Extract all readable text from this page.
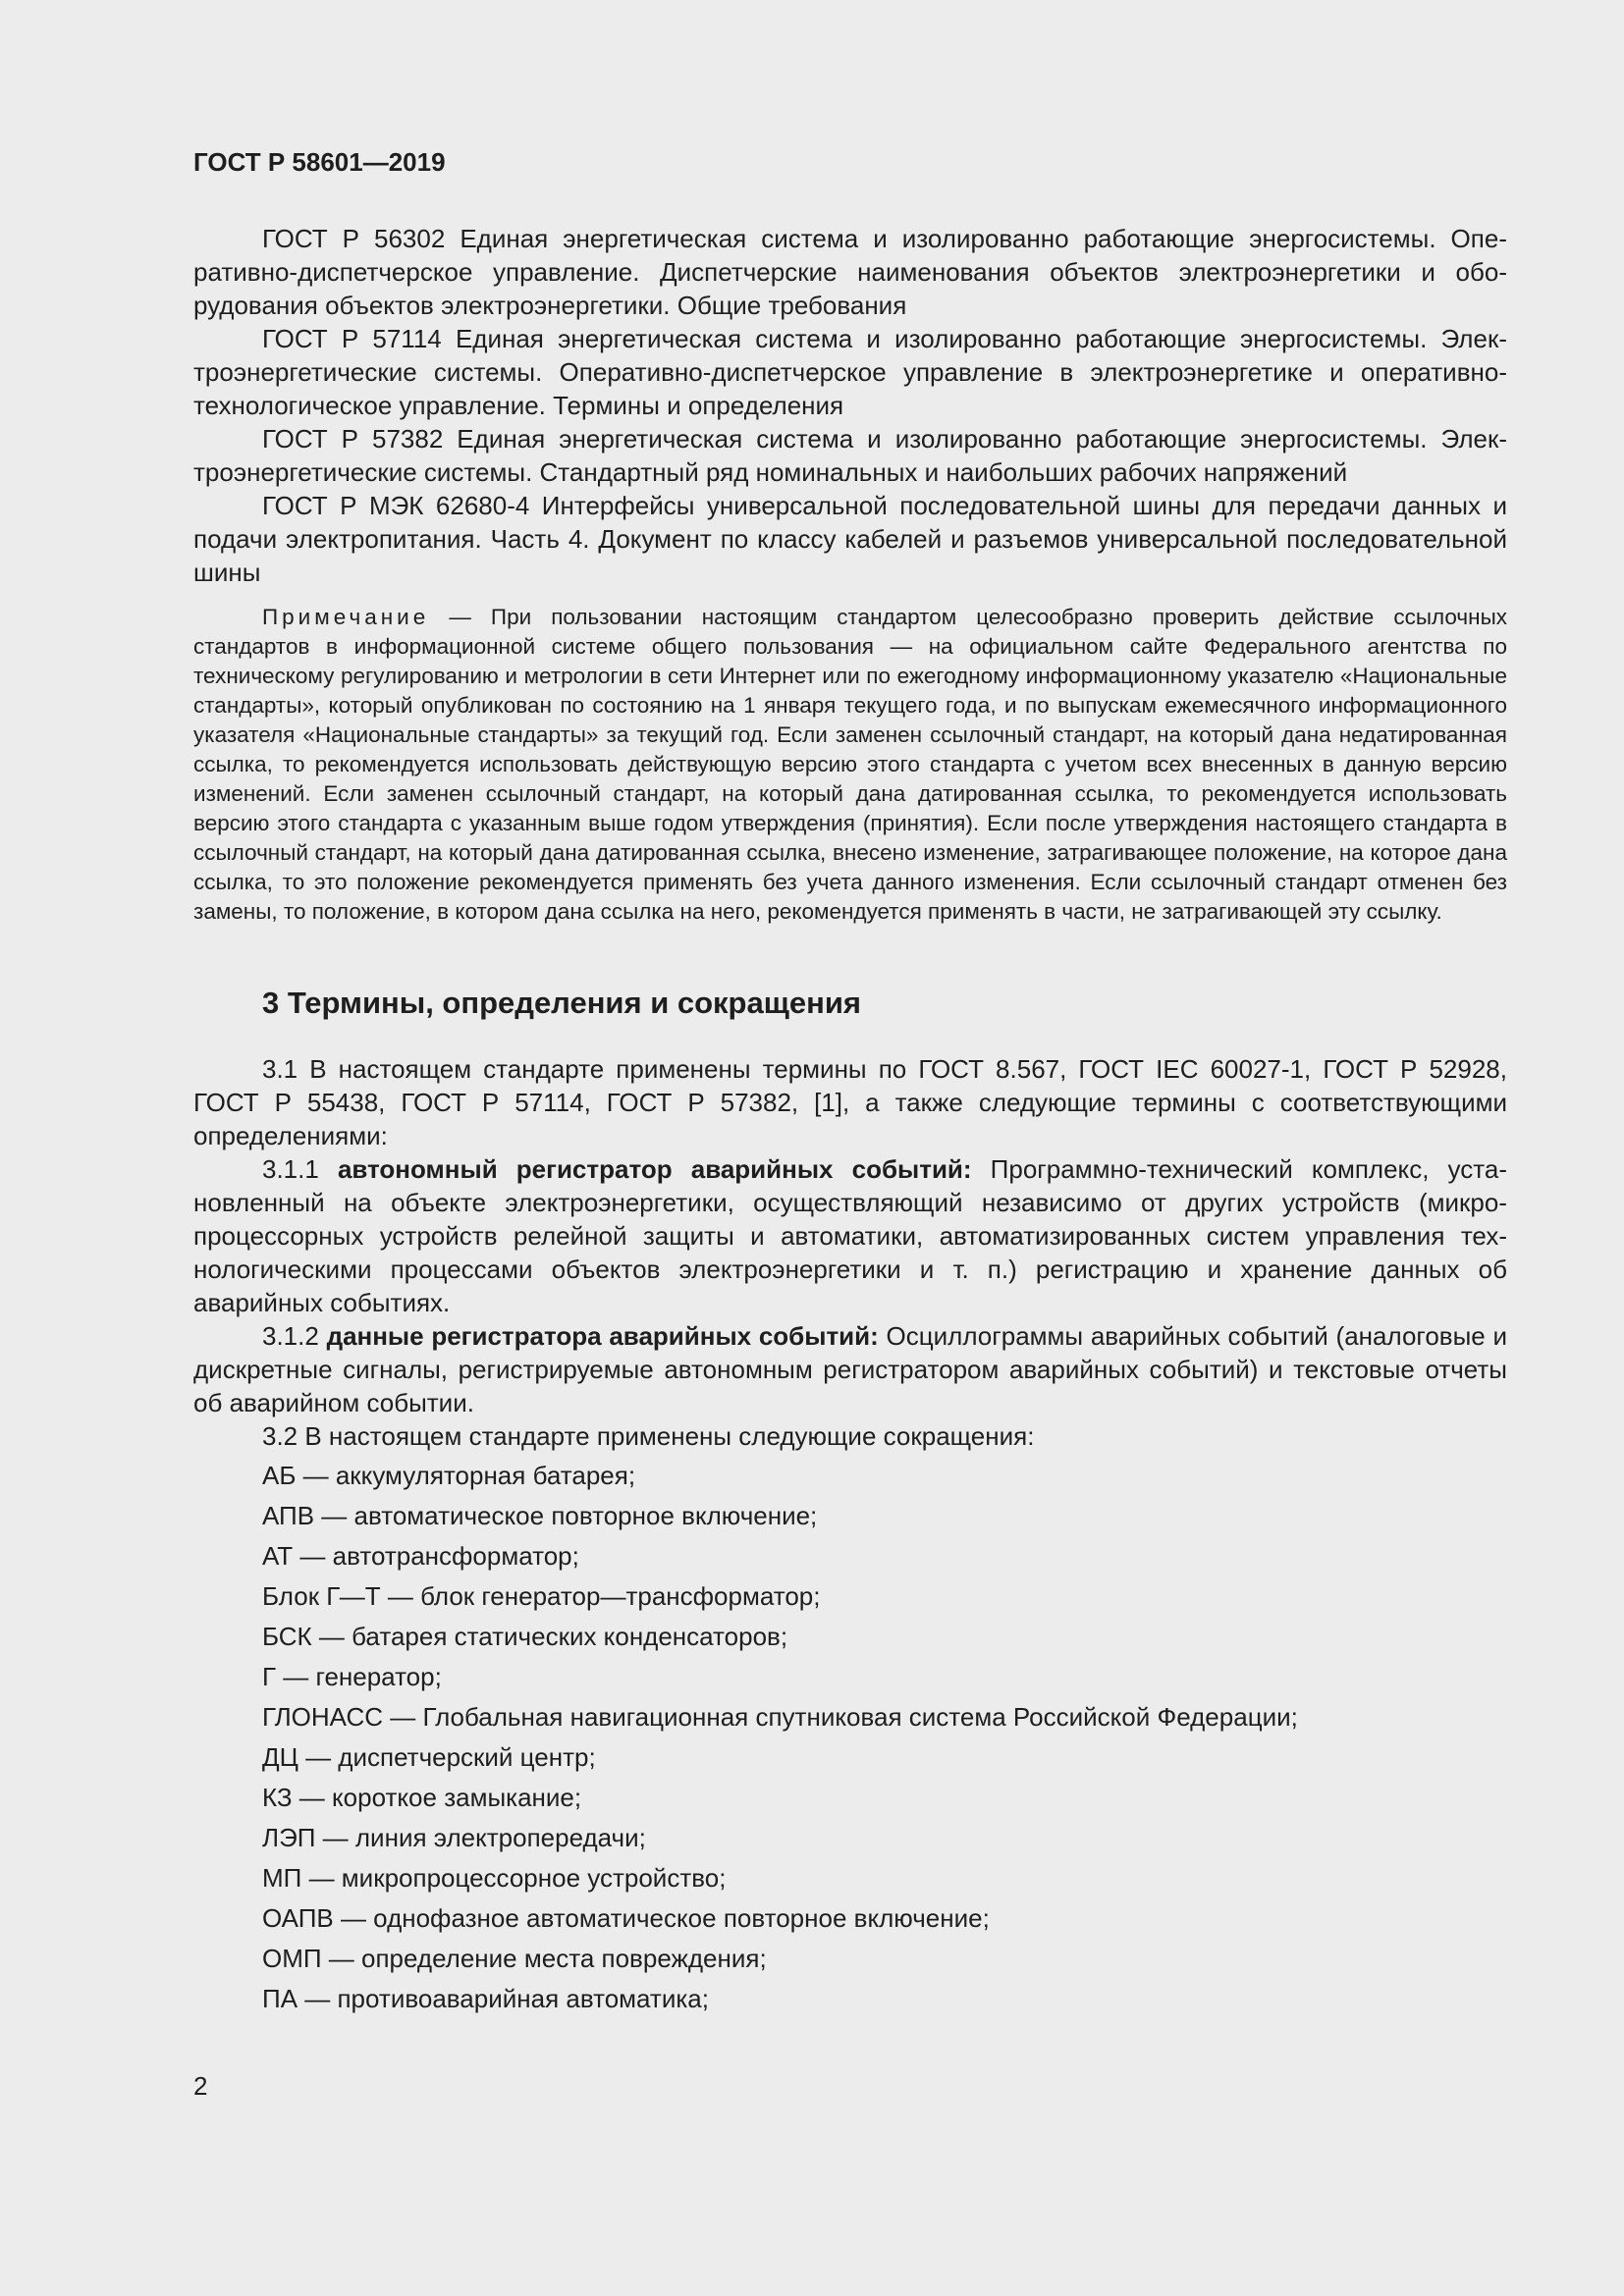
ГОСТ Р 58601—2019

ГОСТ Р 56302 Единая энергетическая система и изолированно работающие энергосистемы. Оперативно-диспетчерское управление. Диспетчерские наименования объектов электроэнергетики и оборудования объектов электроэнергетики. Общие требования

ГОСТ Р 57114 Единая энергетическая система и изолированно работающие энергосистемы. Электроэнергетические системы. Оперативно-диспетчерское управление в электроэнергетике и оперативно-технологическое управление. Термины и определения

ГОСТ Р 57382 Единая энергетическая система и изолированно работающие энергосистемы. Электроэнергетические системы. Стандартный ряд номинальных и наибольших рабочих напряжений

ГОСТ Р МЭК 62680-4 Интерфейсы универсальной последовательной шины для передачи данных и подачи электропитания. Часть 4. Документ по классу кабелей и разъемов универсальной последовательной шины

Примечание — При пользовании настоящим стандартом целесообразно проверить действие ссылочных стандартов в информационной системе общего пользования — на официальном сайте Федерального агентства по техническому регулированию и метрологии в сети Интернет или по ежегодному информационному указателю «Национальные стандарты», который опубликован по состоянию на 1 января текущего года, и по выпускам ежемесячного информационного указателя «Национальные стандарты» за текущий год. Если заменен ссылочный стандарт, на который дана недатированная ссылка, то рекомендуется использовать действующую версию этого стандарта с учетом всех внесенных в данную версию изменений. Если заменен ссылочный стандарт, на который дана датированная ссылка, то рекомендуется использовать версию этого стандарта с указанным выше годом утверждения (принятия). Если после утверждения настоящего стандарта в ссылочный стандарт, на который дана датированная ссылка, внесено изменение, затрагивающее положение, на которое дана ссылка, то это положение рекомендуется применять без учета данного изменения. Если ссылочный стандарт отменен без замены, то положение, в котором дана ссылка на него, рекомендуется применять в части, не затрагивающей эту ссылку.

3 Термины, определения и сокращения

3.1 В настоящем стандарте применены термины по ГОСТ 8.567, ГОСТ IEC 60027-1, ГОСТ Р 52928, ГОСТ Р 55438, ГОСТ Р 57114, ГОСТ Р 57382, [1], а также следующие термины с соответствующими определениями:

3.1.1 автономный регистратор аварийных событий: Программно-технический комплекс, установленный на объекте электроэнергетики, осуществляющий независимо от других устройств (микропроцессорных устройств релейной защиты и автоматики, автоматизированных систем управления технологическими процессами объектов электроэнергетики и т. п.) регистрацию и хранение данных об аварийных событиях.

3.1.2 данные регистратора аварийных событий: Осциллограммы аварийных событий (аналоговые и дискретные сигналы, регистрируемые автономным регистратором аварийных событий) и текстовые отчеты об аварийном событии.

3.2 В настоящем стандарте применены следующие сокращения:

АБ — аккумуляторная батарея;
АПВ — автоматическое повторное включение;
АТ — автотрансформатор;
Блок Г—Т — блок генератор—трансформатор;
БСК — батарея статических конденсаторов;
Г — генератор;
ГЛОНАСС — Глобальная навигационная спутниковая система Российской Федерации;
ДЦ — диспетчерский центр;
КЗ — короткое замыкание;
ЛЭП — линия электропередачи;
МП — микропроцессорное устройство;
ОАПВ — однофазное автоматическое повторное включение;
ОМП — определение места повреждения;
ПА — противоаварийная автоматика;
2
